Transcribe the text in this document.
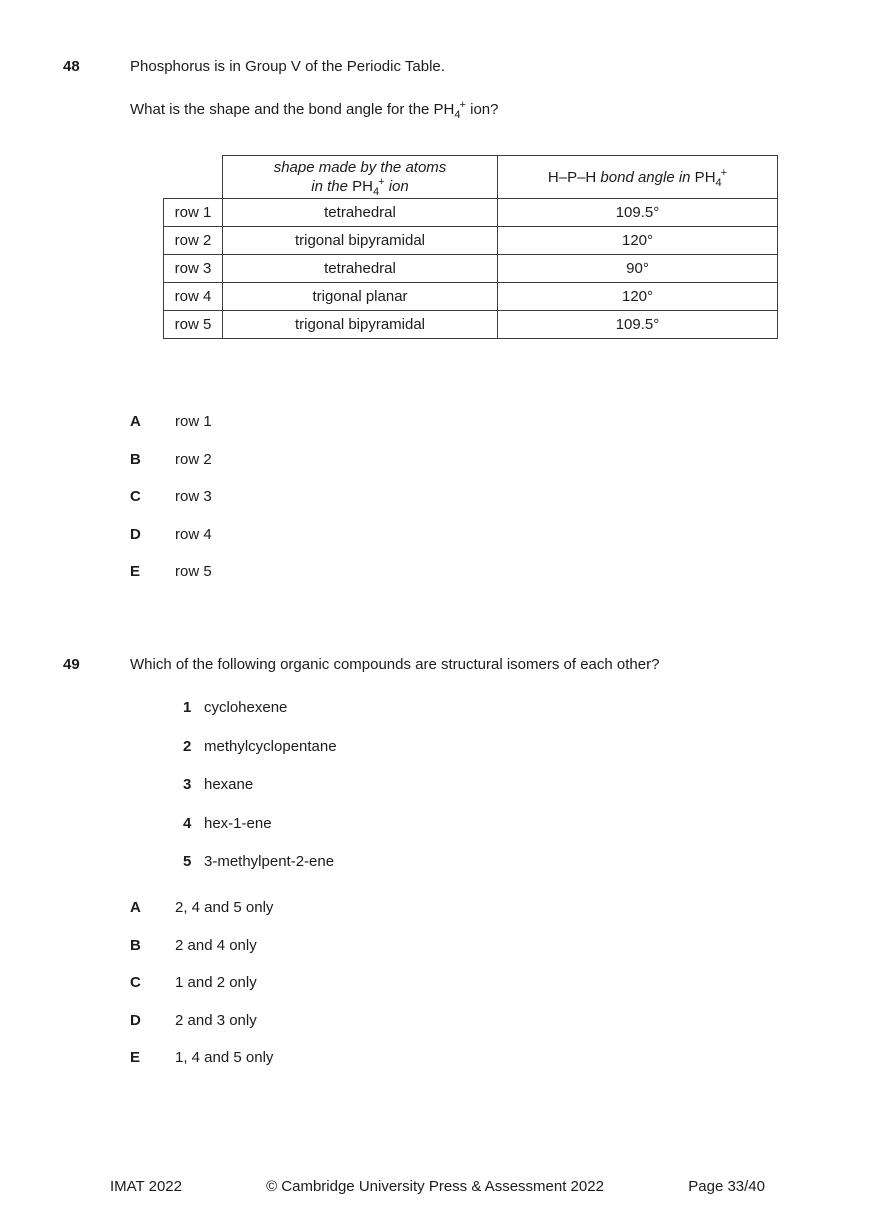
48	Phosphorus is in Group V of the Periodic Table.
What is the shape and the bond angle for the $PH_4^+$ ion?
	shape made by the atoms
in the $PH_4^+$ ion	H–P–H bond angle in $PH_4^+$
row 1	tetrahedral	109.5°
row 2	trigonal bipyramidal	120°
row 3	tetrahedral	90°
row 4	trigonal planar	120°
row 5	trigonal bipyramidal	109.5°
A	row 1
B	row 2
C	row 3
D	row 4
E	row 5
49	Which of the following organic compounds are structural isomers of each other?
1 cyclohexene
2 methylcyclopentane
3 hexane
4 hex-1-ene
5 3-methylpent-2-ene
A	2, 4 and 5 only
B	2 and 4 only
C	1 and 2 only
D	2 and 3 only
E	1, 4 and 5 only
© Cambridge University Press & Assessment 2022
IMAT 2022	Page 33/40
